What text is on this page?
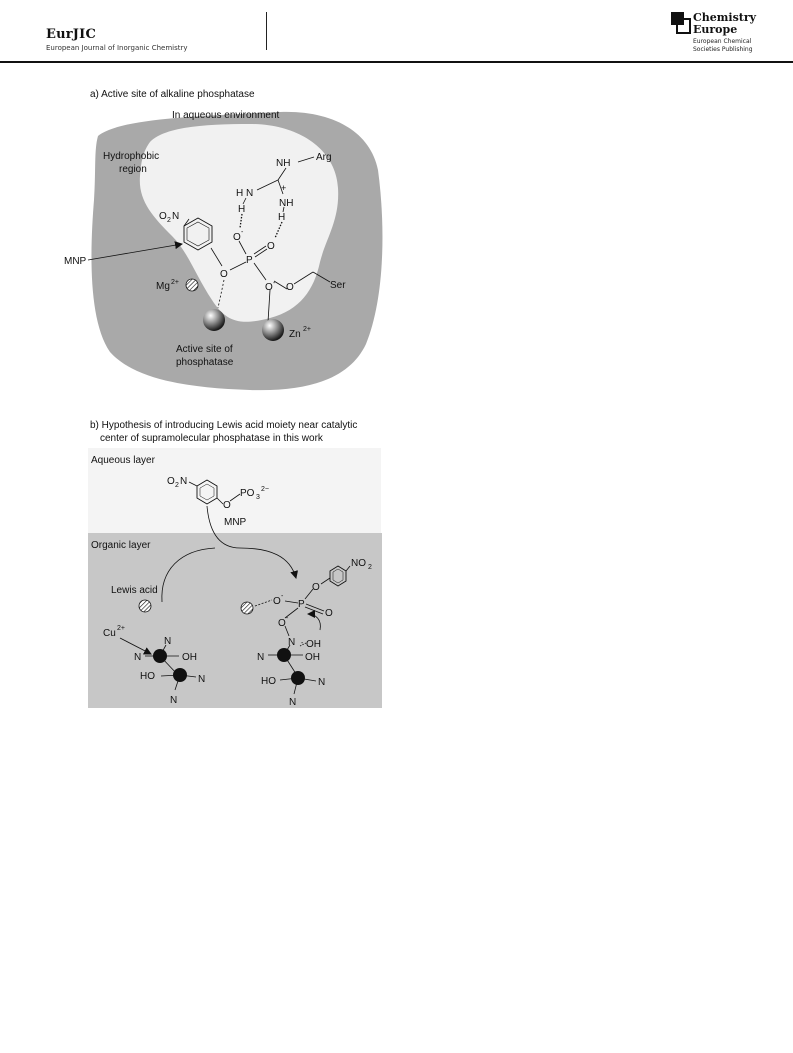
EurJIC
European Journal of Inorganic Chemistry
Chemistry
Europe
European Chemical
Societies Publishing
a) Active site of alkaline phosphatase
In aqueous environment
Hydrophobic
region
NH
Arg
H N	+
NH
H
H
O -
P
O
O
O - O	Ser
O 2 N
MNP
Mg 2+
Zn 2+
Active site of
phosphatase
b) Hypothesis of introducing Lewis acid moiety near catalytic
center of supramolecular phosphatase in this work
Aqueous layer
Organic layer
O 2 N
O
PO 3
2−
MNP
Lewis acid
Cu 2+
N
N	OH
HO	N
N
O -
P
O
NO 2
O
O -
N OH
-
N	OH
HO	N
N
